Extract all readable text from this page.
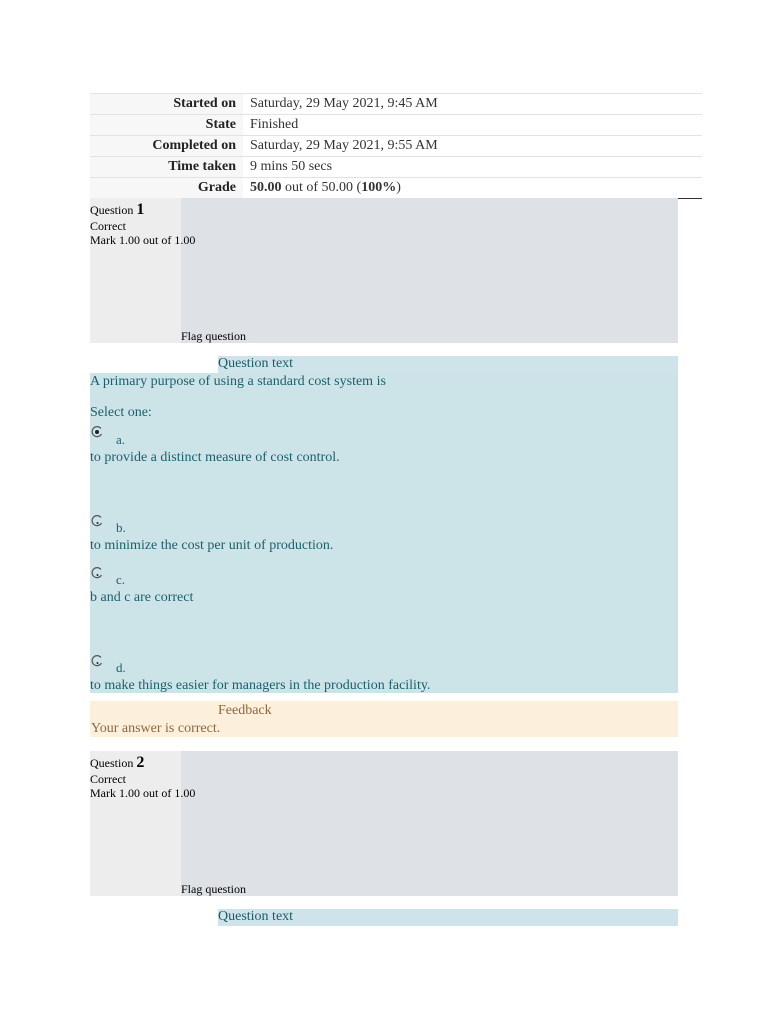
Started on	Saturday, 29 May 2021, 9:45 AM
State	Finished
Completed on	Saturday, 29 May 2021, 9:55 AM
Time taken	9 mins 50 secs
Grade	50.00 out of 50.00 (100%)
Question 1
Correct
Mark 1.00 out of 1.00
Flag question
Question text
A primary purpose of using a standard cost system is
Select one:
a.
to provide a distinct measure of cost control.
b.
to minimize the cost per unit of production.
c.
b and c are correct
d.
to make things easier for managers in the production facility.
Feedback
Your answer is correct.
Question 2
Correct
Mark 1.00 out of 1.00
Flag question
Question text
